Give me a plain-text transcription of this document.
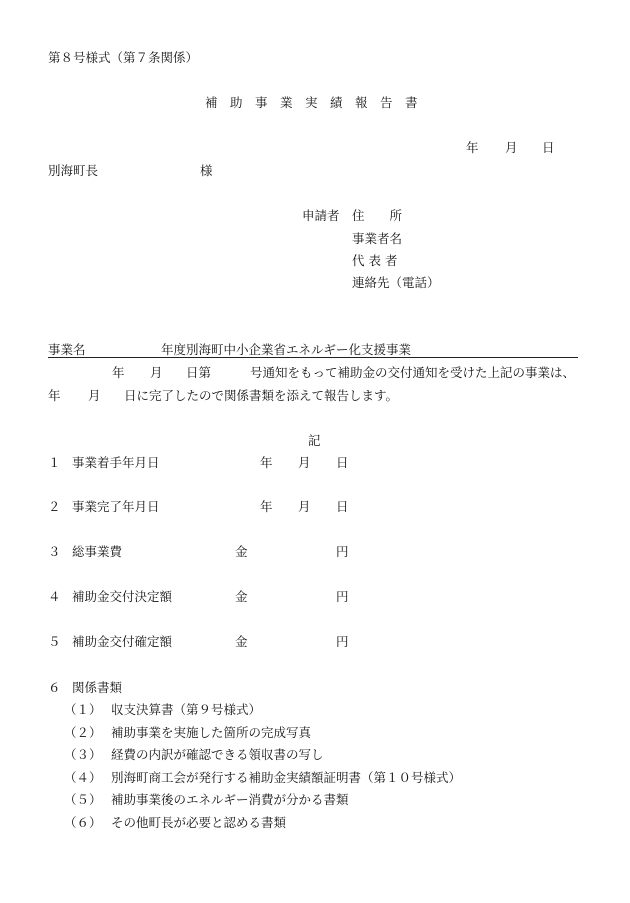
第８号様式（第７条関係）
補　助　事　業　実　績　報　告　書
年 月 日
別海町長	様
申請者 住　　所
事業者名
代 表 者
連絡先（電話）
事業名	年度別海町中小企業省エネルギー化支援事業
年 月 日第	号通知をもって補助金の交付通知を受けた上記の事業は、
年 月 日に完了したので関係書類を添えて報告します。
記
１ 事業着手年月日	年 月 日
２ 事業完了年月日	年 月 日
３ 総事業費	金	円
４ 補助金交付決定額	金	円
５ 補助金交付確定額	金	円
６ 関係書類
（１） 収支決算書（第９号様式）
（２） 補助事業を実施した箇所の完成写真
（３） 経費の内訳が確認できる領収書の写し
（４） 別海町商工会が発行する補助金実績額証明書（第１０号様式）
（５） 補助事業後のエネルギー消費が分かる書類
（６） その他町長が必要と認める書類
